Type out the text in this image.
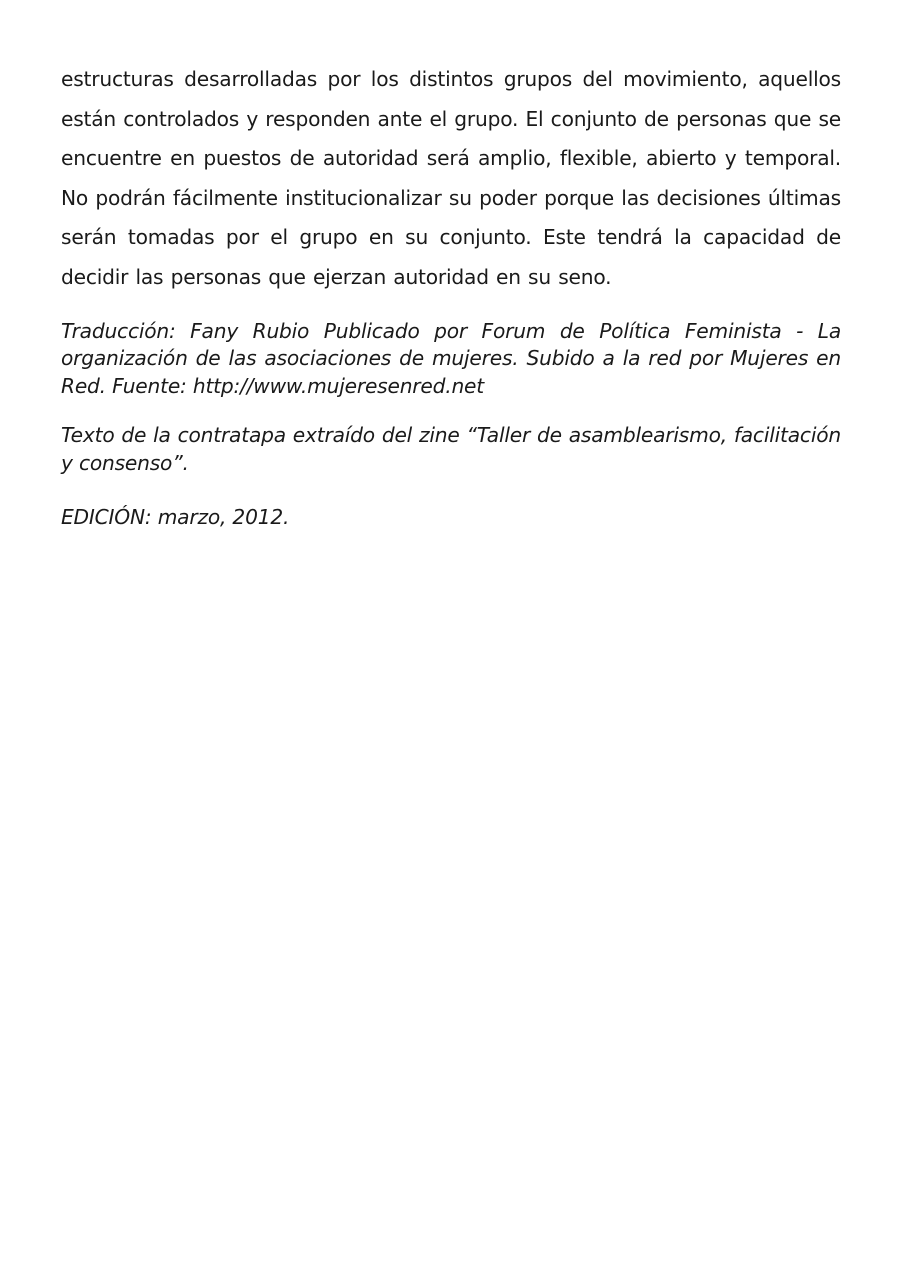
estructuras desarrolladas por los distintos grupos del movimiento, aquellos están controlados y responden ante el grupo. El conjunto de personas que se encuentre en puestos de autoridad será amplio, flexible, abierto y temporal. No podrán fácilmente institucionalizar su poder porque las decisiones últimas serán tomadas por el grupo en su conjunto. Este tendrá la capacidad de decidir las personas que ejerzan autoridad en su seno.

Traducción: Fany Rubio Publicado por Forum de Política Feminista - La organización de las asociaciones de mujeres. Subido a la red por Mujeres en Red. Fuente: http://www.mujeresenred.net

Texto de la contratapa extraído del zine “Taller de asamblearismo, facilitación y consenso”.

EDICIÓN: marzo, 2012.
